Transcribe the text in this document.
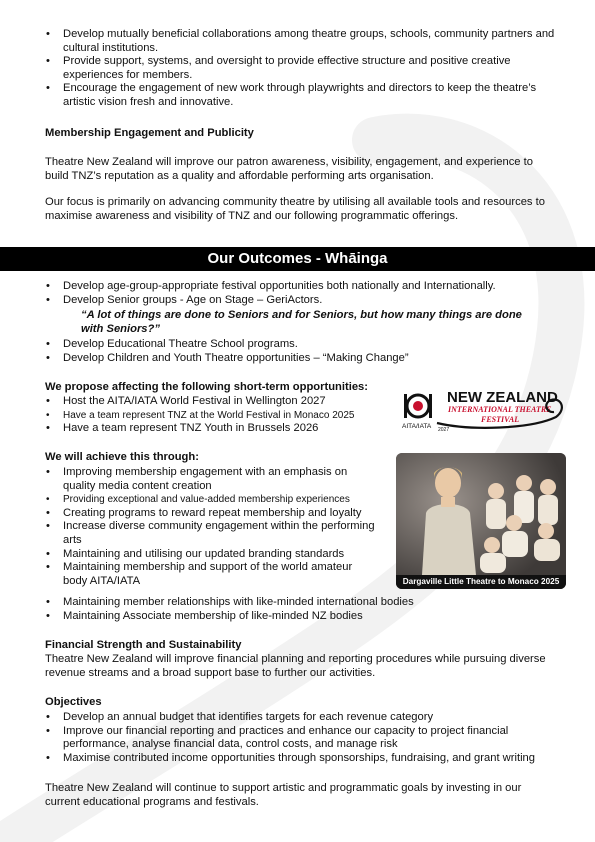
• Develop mutually beneficial collaborations among theatre groups, schools, community partners and cultural institutions.
• Provide support, systems, and oversight to provide effective structure and positive creative experiences for members.
• Encourage the engagement of new work through playwrights and directors to keep the theatre’s artistic vision fresh and innovative.
Membership Engagement and Publicity

Theatre New Zealand will improve our patron awareness, visibility, engagement, and experience to build TNZ’s reputation as a quality and affordable performing arts organisation.

Our focus is primarily on advancing community theatre by utilising all available tools and resources to maximise awareness and visibility of TNZ and our following programmatic offerings.

Our Outcomes - Whāinga
• Develop age-group-appropriate festival opportunities both nationally and Internationally.
• Develop Senior groups - Age on Stage – GeriActors.
“A lot of things are done to Seniors and for Seniors, but how many things are done with Seniors?”
• Develop Educational Theatre School programs.
• Develop Children and Youth Theatre opportunities – “Making Change”
We propose affecting the following short-term opportunities:
• Host the AITA/IATA World Festival in Wellington 2027
• Have a team represent TNZ at the World Festival in Monaco 2025
• Have a team represent TNZ Youth in Brussels 2026	AITA/IATA
NEW ZEALAND
INTERNATIONAL THEATRE
FESTIVAL
2027
We will achieve this through:
• Improving membership engagement with an emphasis on quality media content creation
• Providing exceptional and value-added membership experiences
• Creating programs to reward repeat membership and loyalty
• Increase diverse community engagement within the performing arts
• Maintaining and utilising our updated branding standards
• Maintaining membership and support of the world amateur body AITA/IATA
• Maintaining member relationships with like-minded international bodies
• Maintaining Associate membership of like-minded NZ bodies
Dargaville Little Theatre to Monaco 2025
Financial Strength and Sustainability

Theatre New Zealand will improve financial planning and reporting procedures while pursuing diverse revenue streams and a broad support base to further our activities.

Objectives
• Develop an annual budget that identifies targets for each revenue category
• Improve our financial reporting and practices and enhance our capacity to project financial performance, analyse financial data, control costs, and manage risk
• Maximise contributed income opportunities through sponsorships, fundraising, and grant writing

Theatre New Zealand will continue to support artistic and programmatic goals by investing in our current educational programs and festivals.
